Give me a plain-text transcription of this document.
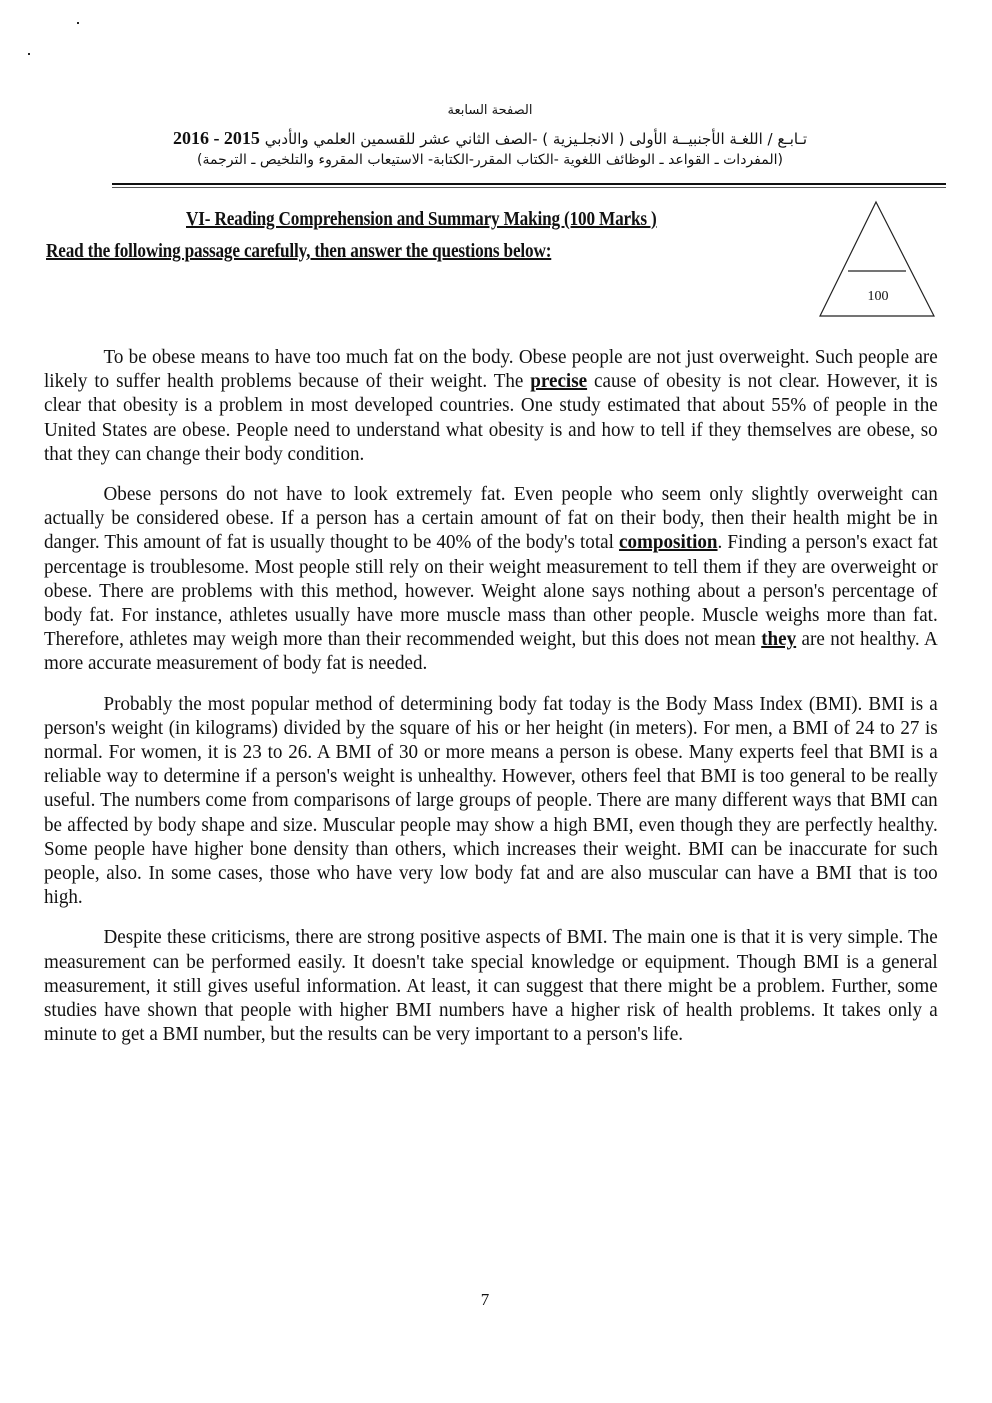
الصفحة السابعة
تـابـع / اللغـة الأجنبيــة الأولى ( الانجلـيزية ) -الصف الثاني عشر للقسمين العلمي والأدبي 2016 - 2015
(المفردات ـ القواعد ـ الوظائف اللغوية -الكتاب المقرر-الكتابة- الاستيعاب المقروء والتلخيص ـ الترجمة)
VI- Reading Comprehension and Summary Making (100 Marks )
Read the following passage carefully, then answer the questions below:
100

To be obese means to have too much fat on the body. Obese people are not just overweight. Such people are likely to suffer health problems because of their weight. The precise cause of obesity is not clear. However, it is clear that obesity is a problem in most developed countries. One study estimated that about 55% of people in the United States are obese. People need to understand what obesity is and how to tell if they themselves are obese, so that they can change their body condition.

Obese persons do not have to look extremely fat. Even people who seem only slightly overweight can actually be considered obese. If a person has a certain amount of fat on their body, then their health might be in danger. This amount of fat is usually thought to be 40% of the body's total composition. Finding a person's exact fat percentage is troublesome. Most people still rely on their weight measurement to tell them if they are overweight or obese. There are problems with this method, however. Weight alone says nothing about a person's percentage of body fat. For instance, athletes usually have more muscle mass than other people. Muscle weighs more than fat. Therefore, athletes may weigh more than their recommended weight, but this does not mean they are not healthy. A more accurate measurement of body fat is needed.

Probably the most popular method of determining body fat today is the Body Mass Index (BMI). BMI is a person's weight (in kilograms) divided by the square of his or her height (in meters). For men, a BMI of 24 to 27 is normal. For women, it is 23 to 26. A BMI of 30 or more means a person is obese. Many experts feel that BMI is a reliable way to determine if a person's weight is unhealthy. However, others feel that BMI is too general to be really useful. The numbers come from comparisons of large groups of people. There are many different ways that BMI can be affected by body shape and size. Muscular people may show a high BMI, even though they are perfectly healthy. Some people have higher bone density than others, which increases their weight. BMI can be inaccurate for such people, also. In some cases, those who have very low body fat and are also muscular can have a BMI that is too high.

Despite these criticisms, there are strong positive aspects of BMI. The main one is that it is very simple. The measurement can be performed easily. It doesn't take special knowledge or equipment. Though BMI is a general measurement, it still gives useful information. At least, it can suggest that there might be a problem. Further, some studies have shown that people with higher BMI numbers have a higher risk of health problems. It takes only a minute to get a BMI number, but the results can be very important to a person's life.

7
